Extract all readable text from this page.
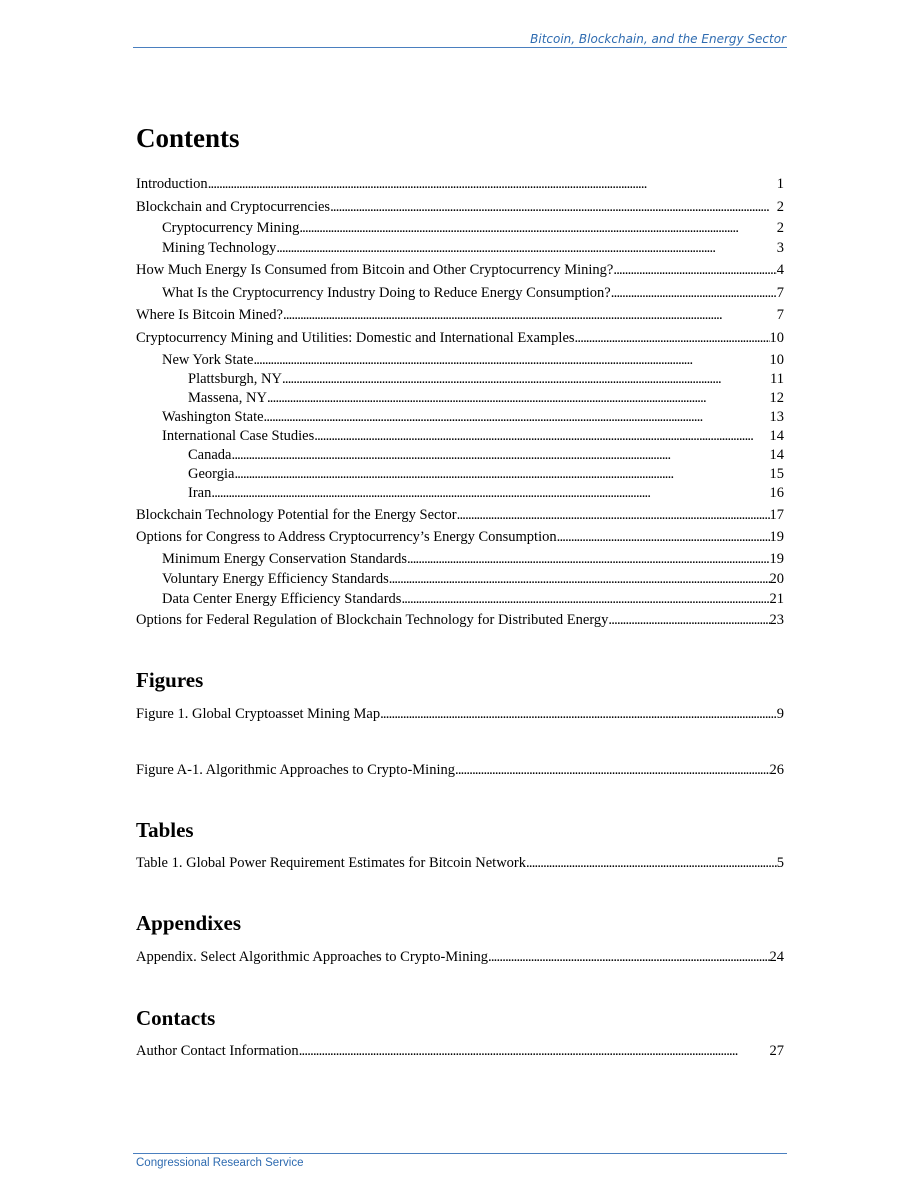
Bitcoin, Blockchain, and the Energy Sector
Contents
Introduction . . .	1
Blockchain and Cryptocurrencies . . .	2
Cryptocurrency Mining . . .	2
Mining Technology . . .	3
How Much Energy Is Consumed from Bitcoin and Other Cryptocurrency Mining? . . .	4
What Is the Cryptocurrency Industry Doing to Reduce Energy Consumption? . . .	7
Where Is Bitcoin Mined? . . .	7
Cryptocurrency Mining and Utilities: Domestic and International Examples . . .	10
New York State . . .	10
Plattsburgh, NY . . .	11
Massena, NY . . .	12
Washington State . . .	13
International Case Studies . . .	14
Canada . . .	14
Georgia . . .	15
Iran . . .	16
Blockchain Technology Potential for the Energy Sector . . .	17
Options for Congress to Address Cryptocurrency’s Energy Consumption . . .	19
Minimum Energy Conservation Standards . . .	19
Voluntary Energy Efficiency Standards . . .	20
Data Center Energy Efficiency Standards . . .	21
Options for Federal Regulation of Blockchain Technology for Distributed Energy . . .	23
Figures
Figure 1. Global Cryptoasset Mining Map . . .	9
Figure A-1. Algorithmic Approaches to Crypto-Mining . . .	26
Tables
Table 1. Global Power Requirement Estimates for Bitcoin Network . . .	5
Appendixes
Appendix. Select Algorithmic Approaches to Crypto-Mining . . .	24
Contacts
Author Contact Information . . .	27
Congressional Research Service
